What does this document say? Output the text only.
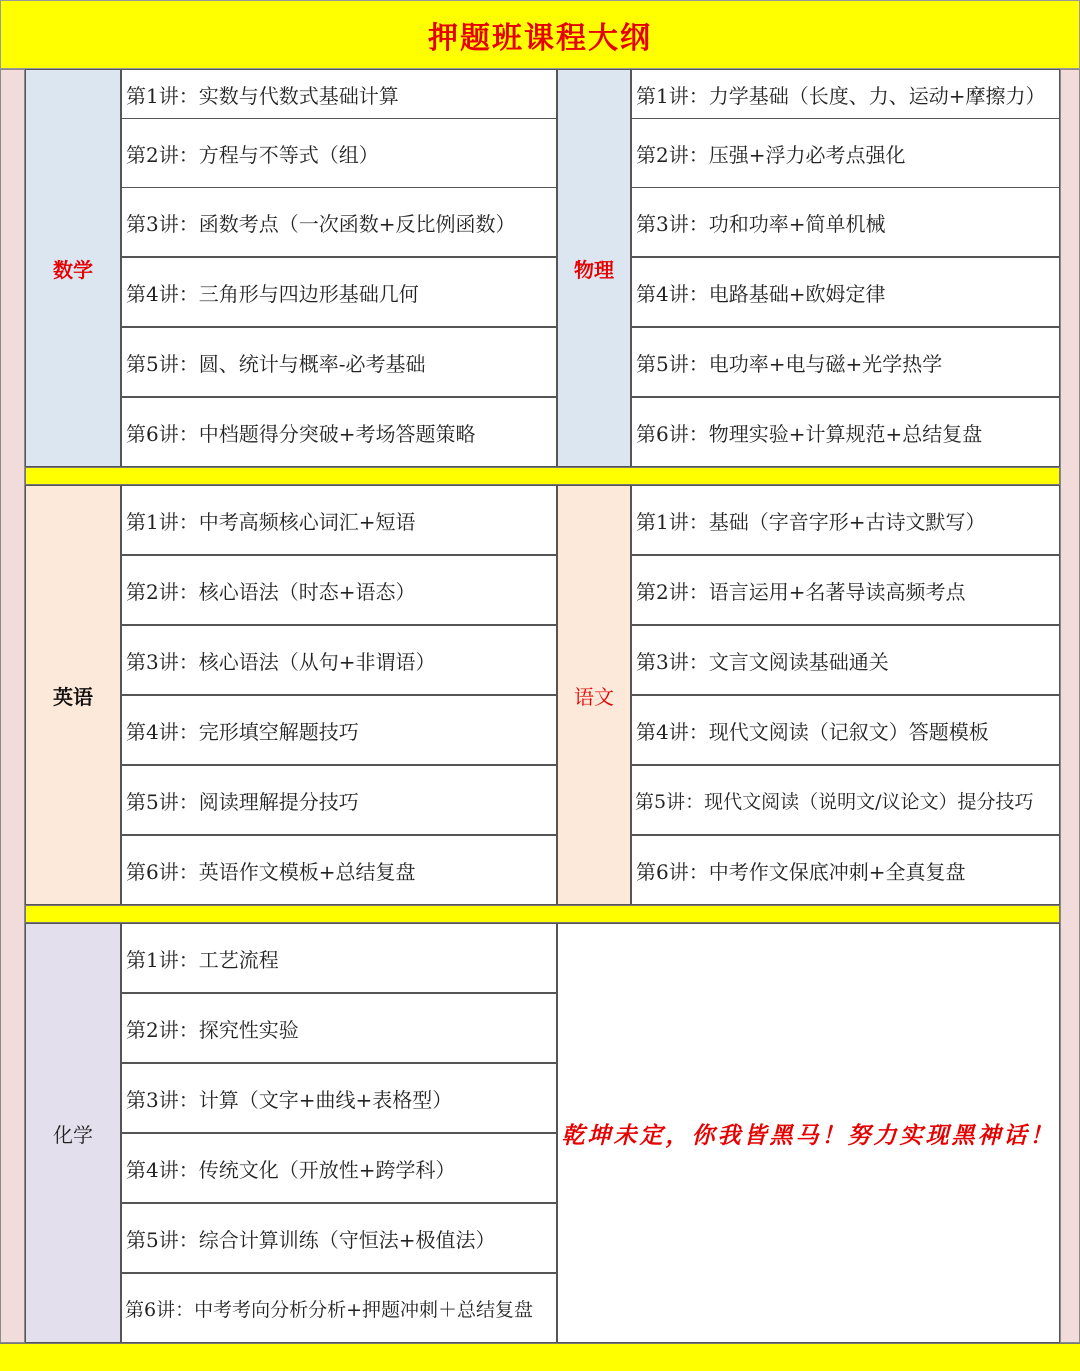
押题班课程大纲
数学	物理
第1讲： 实数与代数式基础计算
第2讲： 方程与不等式（组）
第3讲： 函数考点（一次函数+反比例函数）
第4讲： 三角形与四边形基础几何
第5讲： 圆、统计与概率-必考基础
第6讲： 中档题得分突破+考场答题策略
第1讲： 力学基础（长度、力、运动+摩擦力）
第2讲： 压强+浮力必考点强化
第3讲： 功和功率+简单机械
第4讲： 电路基础+欧姆定律
第5讲： 电功率+电与磁+光学热学
第6讲： 物理实验+计算规范+总结复盘
英语	语文
第1讲： 中考高频核心词汇+短语
第2讲： 核心语法（时态+语态）
第3讲： 核心语法（从句+非谓语）
第4讲： 完形填空解题技巧
第5讲： 阅读理解提分技巧
第6讲： 英语作文模板+总结复盘
第1讲： 基础（字音字形+古诗文默写）
第2讲： 语言运用+名著导读高频考点
第3讲： 文言文阅读基础通关
第4讲： 现代文阅读（记叙文）答题模板
第5讲： 现代文阅读（说明文/议论文）提分技巧
第6讲： 中考作文保底冲刺+全真复盘
化学
第1讲： 工艺流程
第2讲： 探究性实验
第3讲： 计算（文字+曲线+表格型）
第4讲： 传统文化（开放性+跨学科）
第5讲： 综合计算训练（守恒法+极值法）
第6讲： 中考考向分析分析+押题冲刺＋总结复盘
乾坤未定，你我皆黑马！努力实现黑神话！
